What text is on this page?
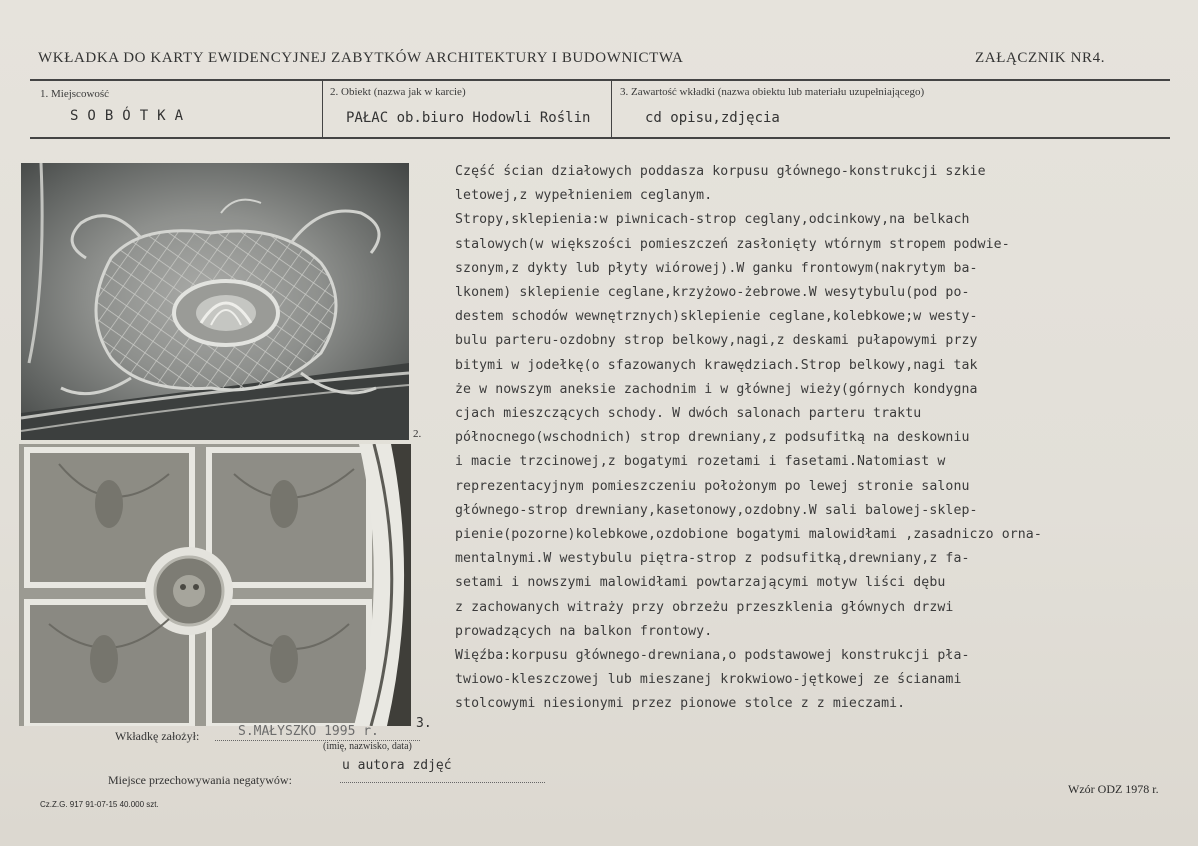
WKŁADKA DO KARTY EWIDENCYJNEJ ZABYTKÓW ARCHITEKTURY I BUDOWNICTWA	ZAŁĄCZNIK NR4.
1. Miejscowość
SOBÓTKA
2. Obiekt (nazwa jak w karcie)
PAŁAC ob.biuro Hodowli Roślin
3. Zawartość wkładki (nazwa obiektu lub materiału uzupełniającego)
cd opisu,zdjęcia
2.
3.
Część ścian działowych poddasza korpusu głównego-konstrukcji szkie
letowej,z wypełnieniem ceglanym.
Stropy,sklepienia:w piwnicach-strop ceglany,odcinkowy,na belkach
stalowych(w większości pomieszczeń zasłonięty wtórnym stropem podwie-
szonym,z dykty lub płyty wiórowej).W ganku frontowym(nakrytym ba-
lkonem) sklepienie ceglane,krzyżowo-żebrowe.W wesytybulu(pod po-
destem schodów wewnętrznych)sklepienie ceglane,kolebkowe;w westy-
bulu parteru-ozdobny strop belkowy,nagi,z deskami pułapowymi przy
bitymi w jodełkę(o sfazowanych krawędziach.Strop belkowy,nagi tak
że w nowszym aneksie zachodnim i w głównej wieży(górnych kondygna
cjach mieszczących schody. W dwóch salonach parteru traktu
północnego(wschodnich) strop drewniany,z podsufitką na deskowniu
i macie trzcinowej,z bogatymi rozetami i fasetami.Natomiast w
reprezentacyjnym pomieszczeniu położonym po lewej stronie salonu
głównego-strop drewniany,kasetonowy,ozdobny.W sali balowej-sklep-
pienie(pozorne)kolebkowe,ozdobione bogatymi malowidłami ,zasadniczo orna-
mentalnymi.W westybulu piętra-strop z podsufitką,drewniany,z fa-
setami i nowszymi malowidłami powtarzającymi motyw liści dębu
z zachowanych witraży przy obrzeżu przeszklenia głównych drzwi
prowadzących na balkon frontowy.
Więźba:korpusu głównego-drewniana,o podstawowej konstrukcji pła-
twiowo-kleszczowej lub mieszanej krokwiowo-jętkowej ze ścianami
stolcowymi niesionymi przez pionowe stolce z z mieczami.
Wkładkę założył:	S.MAŁYSZKO 1995 r.
(imię, nazwisko, data)
Miejsce przechowywania negatywów:
u autora zdjęć
Cz.Z.G. 917 91-07-15 40.000 szt.
Wzór ODZ 1978 r.
